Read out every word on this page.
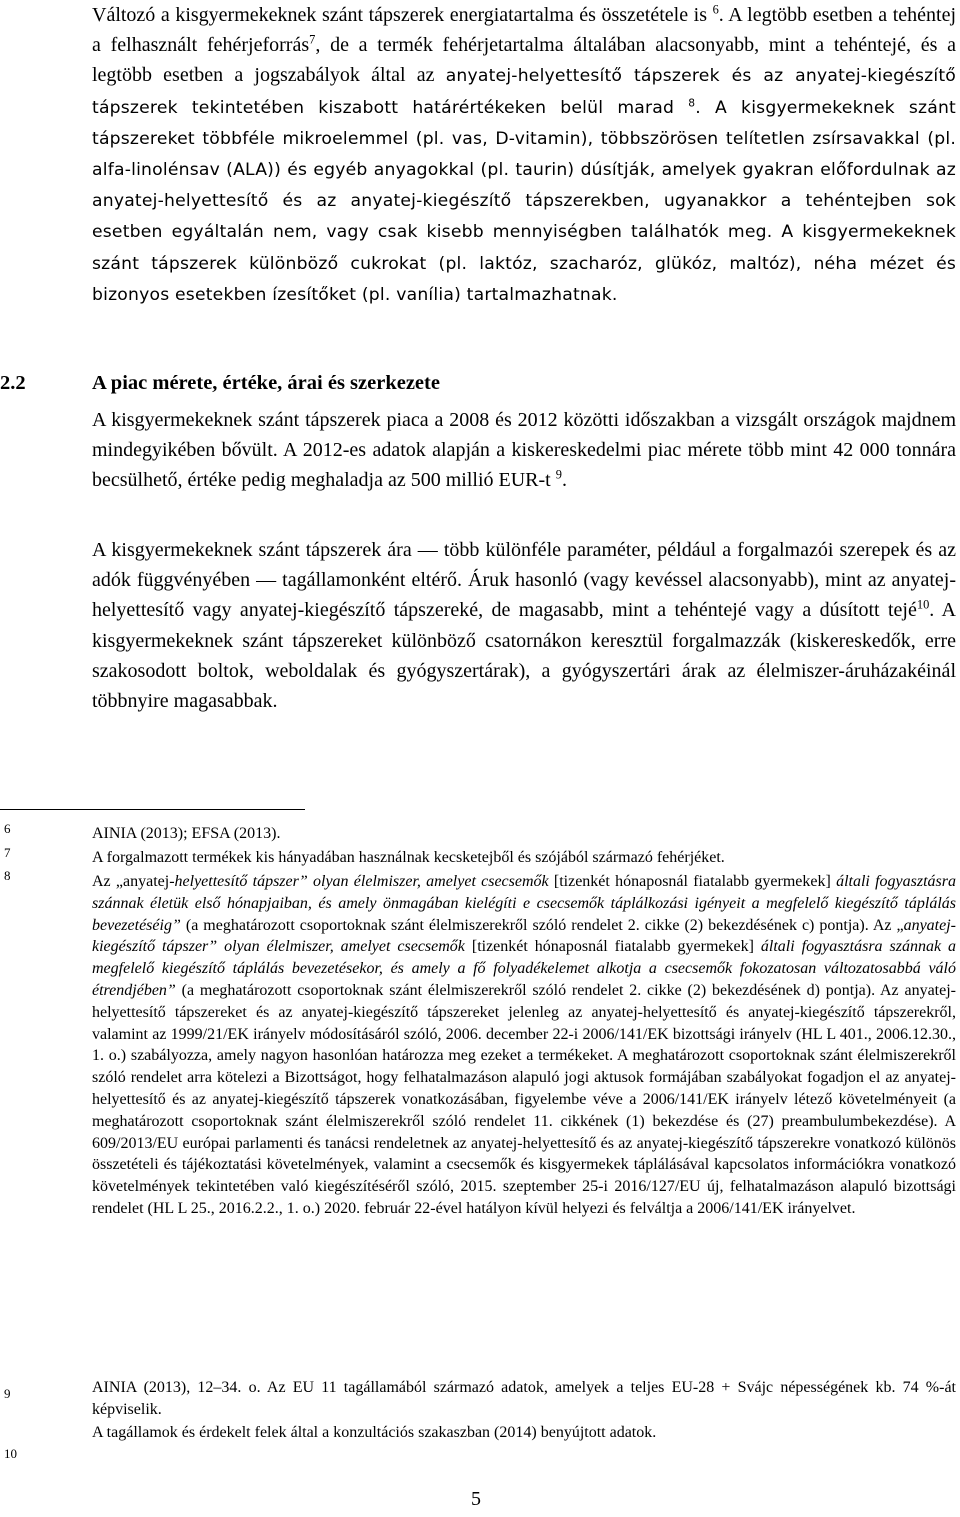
Változó a kisgyermekeknek szánt tápszerek energiatartalma és összetétele is $^6$. A legtöbb esetben a tehéntej a felhasznált fehérjeforrás$^7$, de a termék fehérjetartalma általában alacsonyabb, mint a tehéntejé, és a legtöbb esetben a jogszabályok által az anyatej-helyettesítő tápszerek és az anyatej-kiegészítő tápszerek tekintetében kiszabott határértékeken belül marad $^8$. A kisgyermekeknek szánt tápszereket többféle mikroelemmel (pl. vas, D-vitamin), többszörösen telítetlen zsírsavakkal (pl. alfa-linolénsav (ALA)) és egyéb anyagokkal (pl. taurin) dúsítják, amelyek gyakran előfordulnak az anyatej-helyettesítő és az anyatej-kiegészítő tápszerekben, ugyanakkor a tehéntejben sok esetben egyáltalán nem, vagy csak kisebb mennyiségben találhatók meg. A kisgyermekeknek szánt tápszerek különböző cukrokat (pl. laktóz, szacharóz, glükóz, maltóz), néha mézet és bizonyos esetekben ízesítőket (pl. vanília) tartalmazhatnak.

2.2	A piac mérete, értéke, árai és szerkezete

A kisgyermekeknek szánt tápszerek piaca a 2008 és 2012 közötti időszakban a vizsgált országok majdnem mindegyikében bővült. A 2012-es adatok alapján a kiskereskedelmi piac mérete több mint 42 000 tonnára becsülhető, értéke pedig meghaladja az 500 millió EUR-t $^9$.

A kisgyermekeknek szánt tápszerek ára — több különféle paraméter, például a forgalmazói szerepek és az adók függvényében — tagállamonként eltérő. Áruk hasonló (vagy kevéssel alacsonyabb), mint az anyatej-helyettesítő vagy anyatej-kiegészítő tápszereké, de magasabb, mint a tehéntejé vagy a dúsított tejé$^{10}$. A kisgyermekeknek szánt tápszereket különböző csatornákon keresztül forgalmazzák (kiskereskedők, erre szakosodott boltok, weboldalak és gyógyszertárak), a gyógyszertári árak az élelmiszer-áruházakéinál többnyire magasabbak.

6	AINIA (2013); EFSA (2013).

7	A forgalmazott termékek kis hányadában használnak kecsketejből és szójából származó fehérjéket.

8	Az „anyatej-helyettesítő tápszer” olyan élelmiszer, amelyet csecsemők [tizenkét hónaposnál fiatalabb gyermekek] általi fogyasztásra szánnak életük első hónapjaiban, és amely önmagában kielégíti e csecsemők táplálkozási igényeit a megfelelő kiegészítő táplálás bevezetéséig” (a meghatározott csoportoknak szánt élelmiszerekről szóló rendelet 2. cikke (2) bekezdésének c) pontja). Az „anyatej-kiegészítő tápszer” olyan élelmiszer, amelyet csecsemők [tizenkét hónaposnál fiatalabb gyermekek] általi fogyasztásra szánnak a megfelelő kiegészítő táplálás bevezetésekor, és amely a fő folyadékelemet alkotja a csecsemők fokozatosan változatosabbá váló étrendjében” (a meghatározott csoportoknak szánt élelmiszerekről szóló rendelet 2. cikke (2) bekezdésének d) pontja). Az anyatej-helyettesítő tápszereket és az anyatej-kiegészítő tápszereket jelenleg az anyatej-helyettesítő és anyatej-kiegészítő tápszerekről, valamint az 1999/21/EK irányelv módosításáról szóló, 2006. december 22-i 2006/141/EK bizottsági irányelv (HL L 401., 2006.12.30., 1. o.) szabályozza, amely nagyon hasonlóan határozza meg ezeket a termékeket. A meghatározott csoportoknak szánt élelmiszerekről szóló rendelet arra kötelezi a Bizottságot, hogy felhatalmazáson alapuló jogi aktusok formájában szabályokat fogadjon el az anyatej-helyettesítő és az anyatej-kiegészítő tápszerek vonatkozásában, figyelembe véve a 2006/141/EK irányelv létező követelményeit (a meghatározott csoportoknak szánt élelmiszerekről szóló rendelet 11. cikkének (1) bekezdése és (27) preambulumbekezdése). A 609/2013/EU európai parlamenti és tanácsi rendeletnek az anyatej-helyettesítő és az anyatej-kiegészítő tápszerekre vonatkozó különös összetételi és tájékoztatási követelmények, valamint a csecsemők és kisgyermekek táplálásával kapcsolatos információkra vonatkozó követelmények tekintetében való kiegészítéséről szóló, 2015. szeptember 25-i 2016/127/EU új, felhatalmazáson alapuló bizottsági rendelet (HL L 25., 2016.2.2., 1. o.) 2020. február 22-ével hatályon kívül helyezi és felváltja a 2006/141/EK irányelvet.

9	AINIA (2013), 12–34. o. Az EU 11 tagállamából származó adatok, amelyek a teljes EU-28 + Svájc népességének kb. 74 %-át képviselik.

10

A tagállamok és érdekelt felek által a konzultációs szakaszban (2014) benyújtott adatok.

5
